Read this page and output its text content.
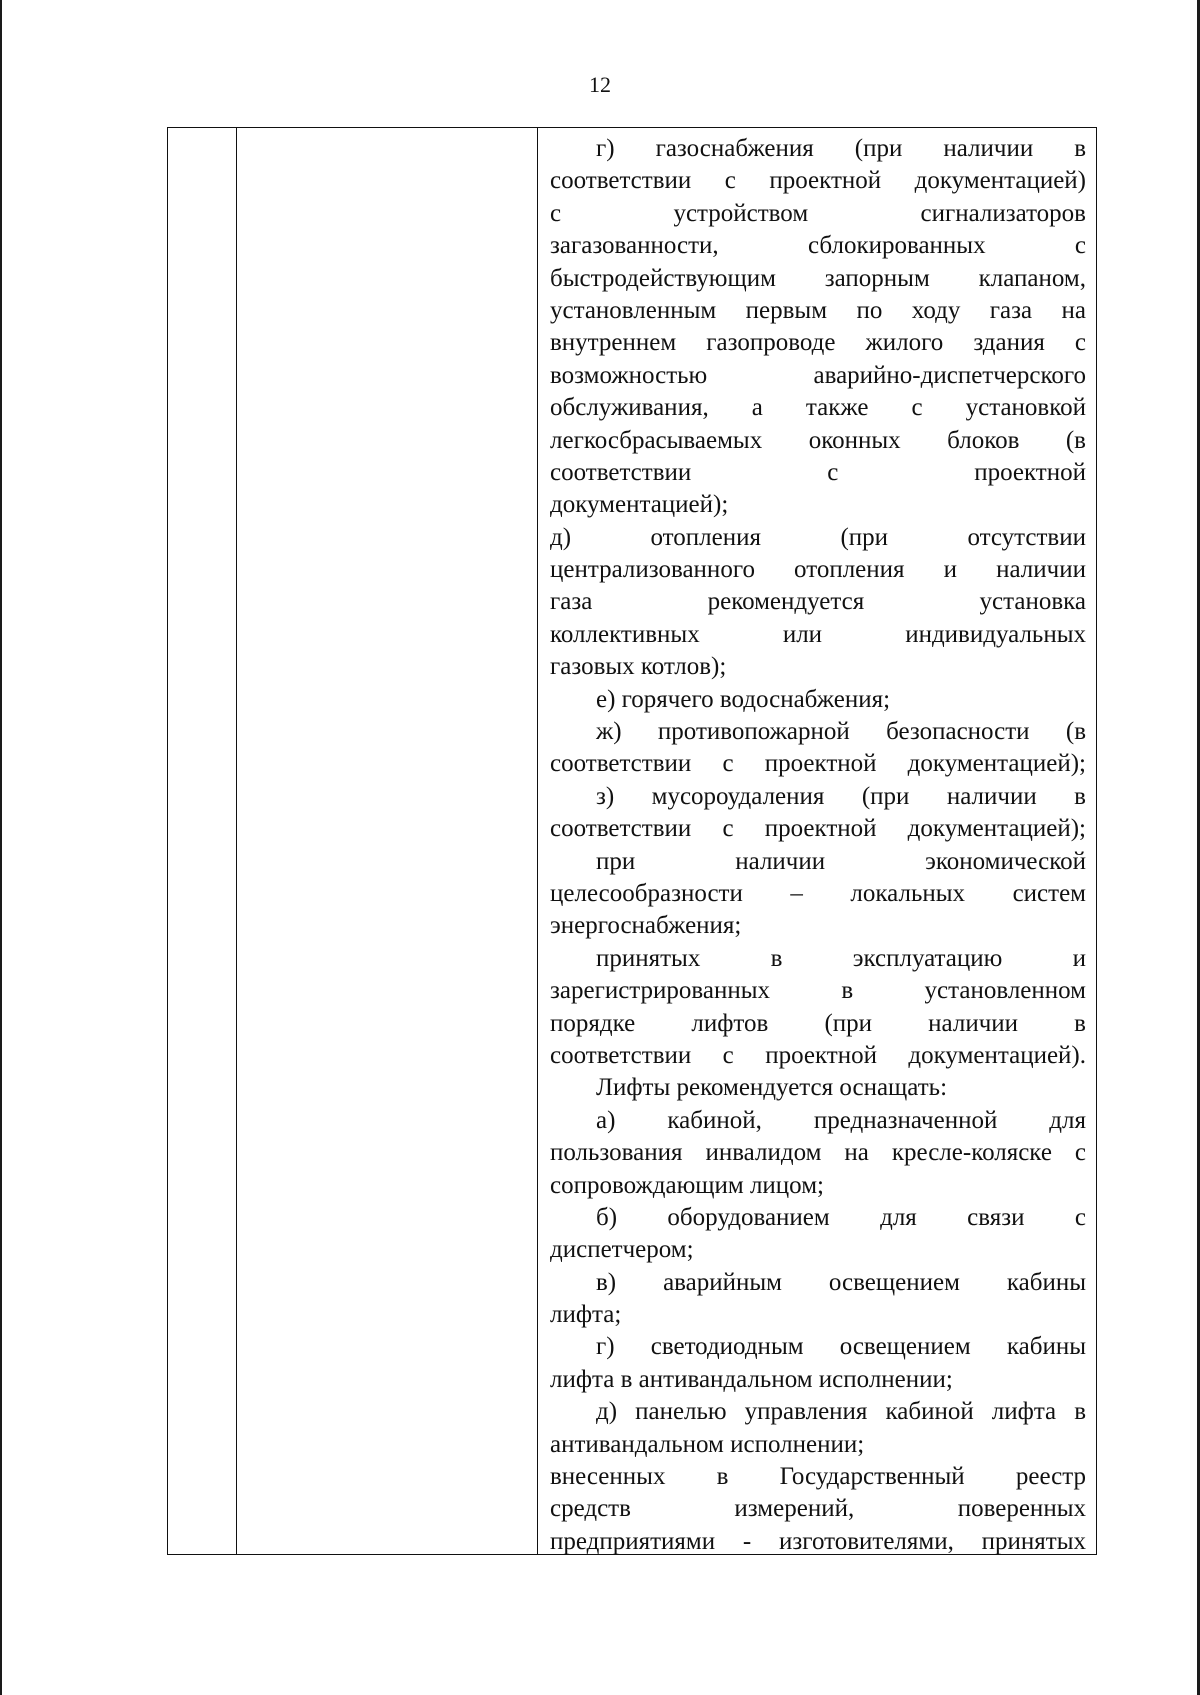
12
г) газоснабжения (при наличии в
соответствии с проектной документацией)
с устройством сигнализаторов
загазованности, сблокированных с
быстродействующим запорным клапаном,
установленным первым по ходу газа на
внутреннем газопроводе жилого здания с
возможностью аварийно-диспетчерского
обслуживания, а также с установкой
легкосбрасываемых оконных блоков (в
соответствии с проектной
документацией);
д) отопления (при отсутствии
централизованного отопления и наличии
газа рекомендуется установка
коллективных или индивидуальных
газовых котлов);
е) горячего водоснабжения;
ж) противопожарной безопасности (в
соответствии с проектной документацией);
з) мусороудаления (при наличии в
соответствии с проектной документацией);
при наличии экономической
целесообразности – локальных систем
энергоснабжения;
принятых в эксплуатацию и
зарегистрированных в установленном
порядке лифтов (при наличии в
соответствии с проектной документацией).
Лифты рекомендуется оснащать:
а) кабиной, предназначенной для
пользования инвалидом на кресле-коляске с
сопровождающим лицом;
б) оборудованием для связи с
диспетчером;
в) аварийным освещением кабины
лифта;
г) светодиодным освещением кабины
лифта в антивандальном исполнении;
д) панелью управления кабиной лифта в
антивандальном исполнении;
внесенных в Государственный реестр
средств измерений, поверенных
предприятиями - изготовителями, принятых
